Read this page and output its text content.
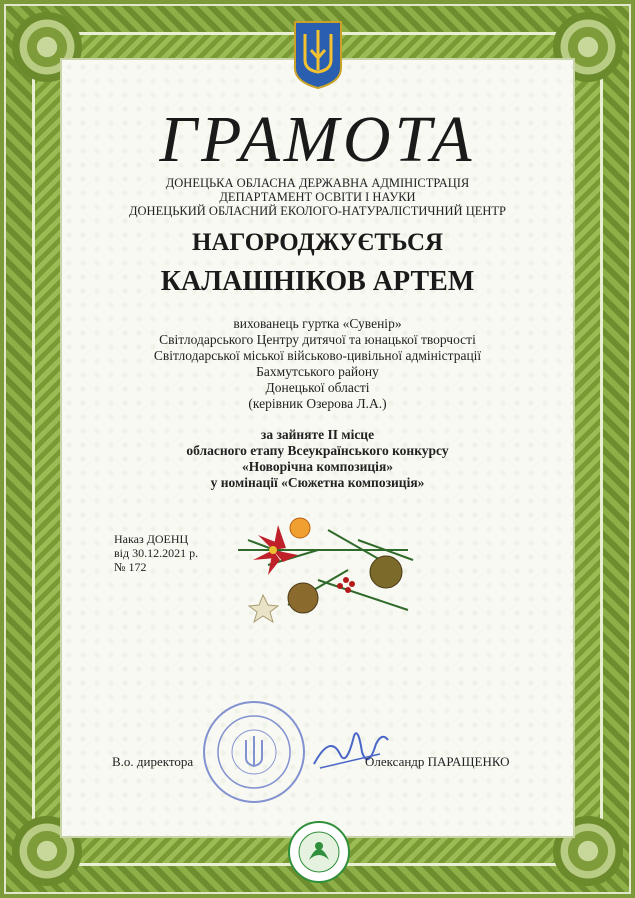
ГРАМОТА
ДОНЕЦЬКА ОБЛАСНА ДЕРЖАВНА АДМІНІСТРАЦІЯ
ДЕПАРТАМЕНТ ОСВІТИ І НАУКИ
ДОНЕЦЬКИЙ ОБЛАСНИЙ ЕКОЛОГО-НАТУРАЛІСТИЧНИЙ ЦЕНТР
НАГОРОДЖУЄТЬСЯ
КАЛАШНІКОВ АРТЕМ
вихованець гуртка «Сувенір»
Світлодарського Центру дитячої та юнацької творчості
Світлодарської міської військово-цивільної адміністрації
Бахмутського району
Донецької області
(керівник Озерова Л.А.)
за зайняте ІІ місце
обласного етапу Всеукраїнського конкурсу
«Новорічна композиція»
у номінації «Сюжетна композиція»
Наказ ДОЕНЦ
від 30.12.2021 р.
№ 172
В.о. директора	Олександр ПАРАЩЕНКО
